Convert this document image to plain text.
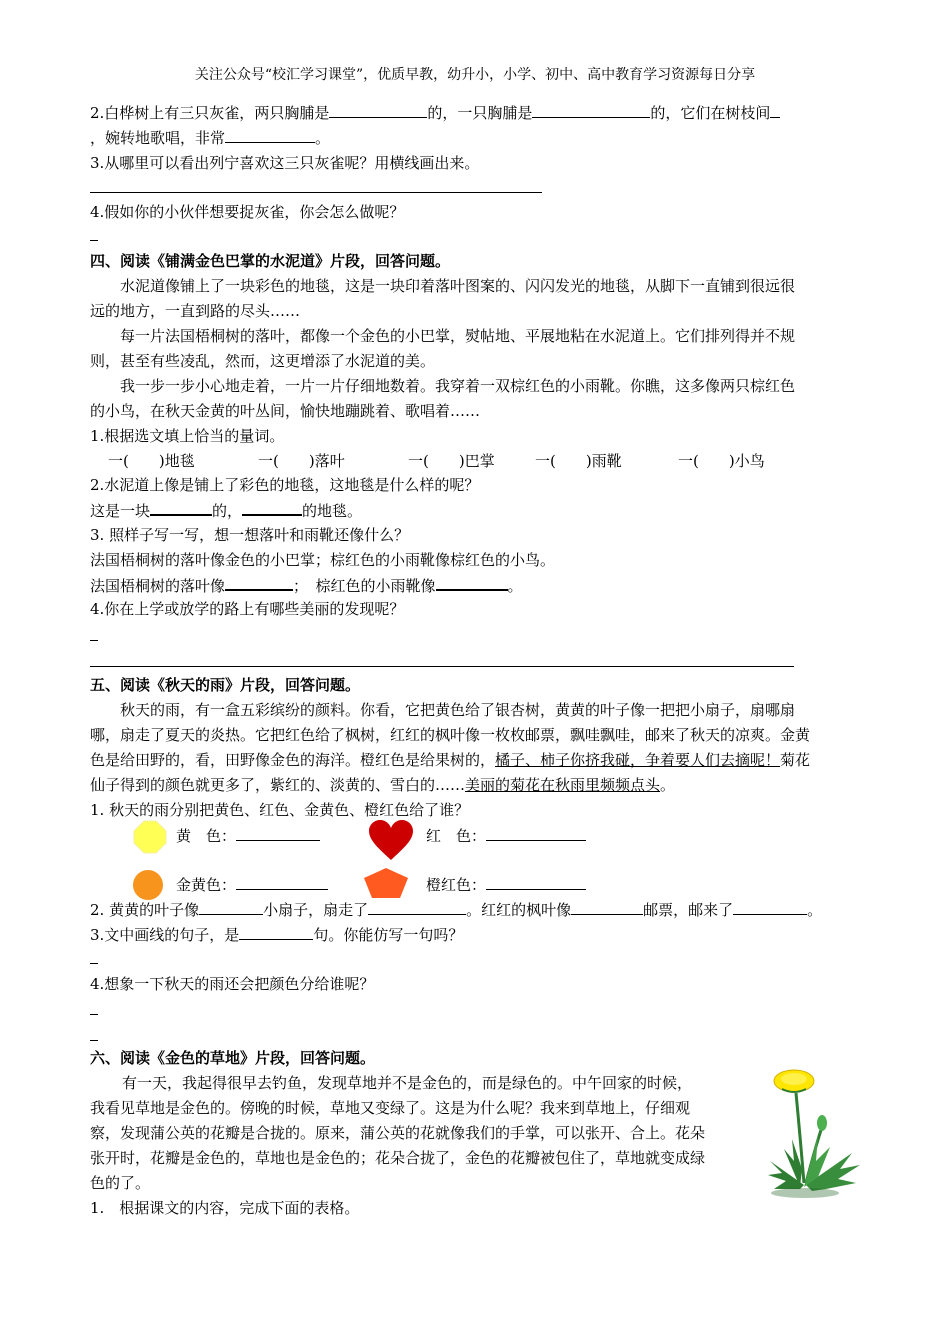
关注公众号“校汇学习课堂”，优质早教，幼升小，小学、初中、高中教育学习资源每日分享
2.白桦树上有三只灰雀，两只胸脯是	的，一只胸脯是	的，它们在树枝间
，婉转地歌唱，非常	。
3.从哪里可以看出列宁喜欢这三只灰雀呢？用横线画出来。
4.假如你的小伙伴想要捉灰雀，你会怎么做呢？
四、阅读《铺满金色巴掌的水泥道》片段，回答问题。
水泥道像铺上了一块彩色的地毯，这是一块印着落叶图案的、闪闪发光的地毯，从脚下一直铺到很远很
远的地方，一直到路的尽头……
每一片法国梧桐树的落叶，都像一个金色的小巴掌，熨帖地、平展地粘在水泥道上。它们排列得并不规
则，甚至有些凌乱，然而，这更增添了水泥道的美。
我一步一步小心地走着，一片一片仔细地数着。我穿着一双棕红色的小雨靴。你瞧，这多像两只棕红色
的小鸟，在秋天金黄的叶丛间，愉快地蹦跳着、歌唱着……
1.根据选文填上恰当的量词。
一(　　)地毯	一(　　)落叶	一(　　)巴掌	一(　　)雨靴	一(　　)小鸟
2.水泥道上像是铺上了彩色的地毯，这地毯是什么样的呢？
这是一块	的，	的地毯。
3. 照样子写一写，想一想落叶和雨靴还像什么？
法国梧桐树的落叶像金色的小巴掌；棕红色的小雨靴像棕红色的小鸟。
法国梧桐树的落叶像	；　棕红色的小雨靴像	。
4.你在上学或放学的路上有哪些美丽的发现呢？
五、阅读《秋天的雨》片段，回答问题。
秋天的雨，有一盒五彩缤纷的颜料。你看，它把黄色给了银杏树，黄黄的叶子像一把把小扇子，扇哪扇
哪，扇走了夏天的炎热。它把红色给了枫树，红红的枫叶像一枚枚邮票，飘哇飘哇，邮来了秋天的凉爽。金黄
色是给田野的，看，田野像金色的海洋。橙红色是给果树的，橘子、柿子你挤我碰，争着要人们去摘呢！菊花
仙子得到的颜色就更多了，紫红的、淡黄的、雪白的……美丽的菊花在秋雨里频频点头。
1. 秋天的雨分别把黄色、红色、金黄色、橙红色给了谁？
黄　色：	红　色：
金黄色：	橙红色：
2. 黄黄的叶子像	小扇子，扇走了	。红红的枫叶像	邮票，邮来了	。
3.文中画线的句子，是	句。你能仿写一句吗？
4.想象一下秋天的雨还会把颜色分给谁呢？
六、阅读《金色的草地》片段，回答问题。
有一天，我起得很早去钓鱼，发现草地并不是金色的，而是绿色的。中午回家的时候，
我看见草地是金色的。傍晚的时候，草地又变绿了。这是为什么呢？我来到草地上，仔细观
察，发现蒲公英的花瓣是合拢的。原来，蒲公英的花就像我们的手掌，可以张开、合上。花朵
张开时，花瓣是金色的，草地也是金色的；花朵合拢了，金色的花瓣被包住了，草地就变成绿
色的了。
1.　根据课文的内容，完成下面的表格。
